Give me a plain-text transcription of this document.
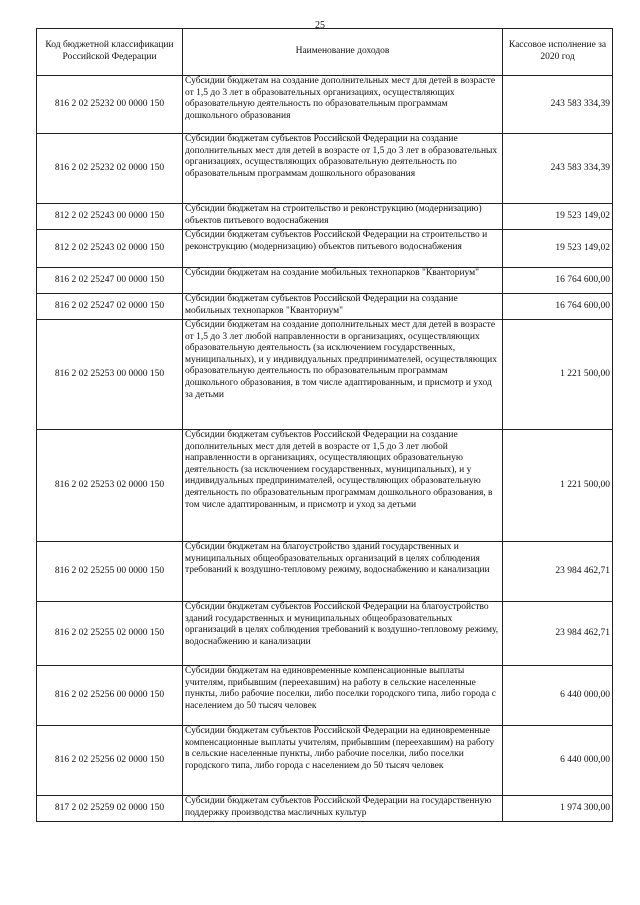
25
Код бюджетной классификации Российской Федерации	Наименование доходов	Кассовое исполнение за 2020 год
816 2 02 25232 00 0000 150	Субсидии бюджетам на создание дополнительных мест для детей в возрасте от 1,5 до 3 лет в образовательных организациях, осуществляющих образовательную деятельность по образовательным программам дошкольного образования	243 583 334,39
816 2 02 25232 02 0000 150	Субсидии бюджетам субъектов Российской Федерации на создание дополнительных мест для детей в возрасте от 1,5 до 3 лет в образовательных организациях, осуществляющих образовательную деятельность по образовательным программам дошкольного образования	243 583 334,39
812 2 02 25243 00 0000 150	Субсидии бюджетам на строительство и реконструкцию (модернизацию) объектов питьевого водоснабжения	19 523 149,02
812 2 02 25243 02 0000 150	Субсидии бюджетам субъектов Российской Федерации на строительство и реконструкцию (модернизацию) объектов питьевого водоснабжения	19 523 149,02
816 2 02 25247 00 0000 150	Субсидии бюджетам на создание мобильных технопарков "Кванториум"	16 764 600,00
816 2 02 25247 02 0000 150	Субсидии бюджетам субъектов Российской Федерации на создание мобильных технопарков "Кванториум"	16 764 600,00
816 2 02 25253 00 0000 150	Субсидии бюджетам на создание дополнительных мест для детей в возрасте от 1,5 до 3 лет любой направленности в организациях, осуществляющих образовательную деятельность (за исключением государственных, муниципальных), и у индивидуальных предпринимателей, осуществляющих образовательную деятельность по образовательным программам дошкольного образования, в том числе адаптированным, и присмотр и уход за детьми	1 221 500,00
816 2 02 25253 02 0000 150	Субсидии бюджетам субъектов Российской Федерации на создание дополнительных мест для детей в возрасте от 1,5 до 3 лет любой направленности в организациях, осуществляющих образовательную деятельность (за исключением государственных, муниципальных), и у индивидуальных предпринимателей, осуществляющих образовательную деятельность по образовательным программам дошкольного образования, в том числе адаптированным, и присмотр и уход за детьми	1 221 500,00
816 2 02 25255 00 0000 150	Субсидии бюджетам на благоустройство зданий государственных и муниципальных общеобразовательных организаций в целях соблюдения требований к воздушно-тепловому режиму, водоснабжению и канализации	23 984 462,71
816 2 02 25255 02 0000 150	Субсидии бюджетам субъектов Российской Федерации на благоустройство зданий государственных и муниципальных общеобразовательных организаций в целях соблюдения требований к воздушно-тепловому режиму, водоснабжению и канализации	23 984 462,71
816 2 02 25256 00 0000 150	Субсидии бюджетам на единовременные компенсационные выплаты учителям, прибывшим (переехавшим) на работу в сельские населенные пункты, либо рабочие поселки, либо поселки городского типа, либо города с населением до 50 тысяч человек	6 440 000,00
816 2 02 25256 02 0000 150	Субсидии бюджетам субъектов Российской Федерации на единовременные компенсационные выплаты учителям, прибывшим (переехавшим) на работу в сельские населенные пункты, либо рабочие поселки, либо поселки городского типа, либо города с населением до 50 тысяч человек	6 440 000,00
817 2 02 25259 02 0000 150	Субсидии бюджетам субъектов Российской Федерации на государственную поддержку производства масличных культур	1 974 300,00
